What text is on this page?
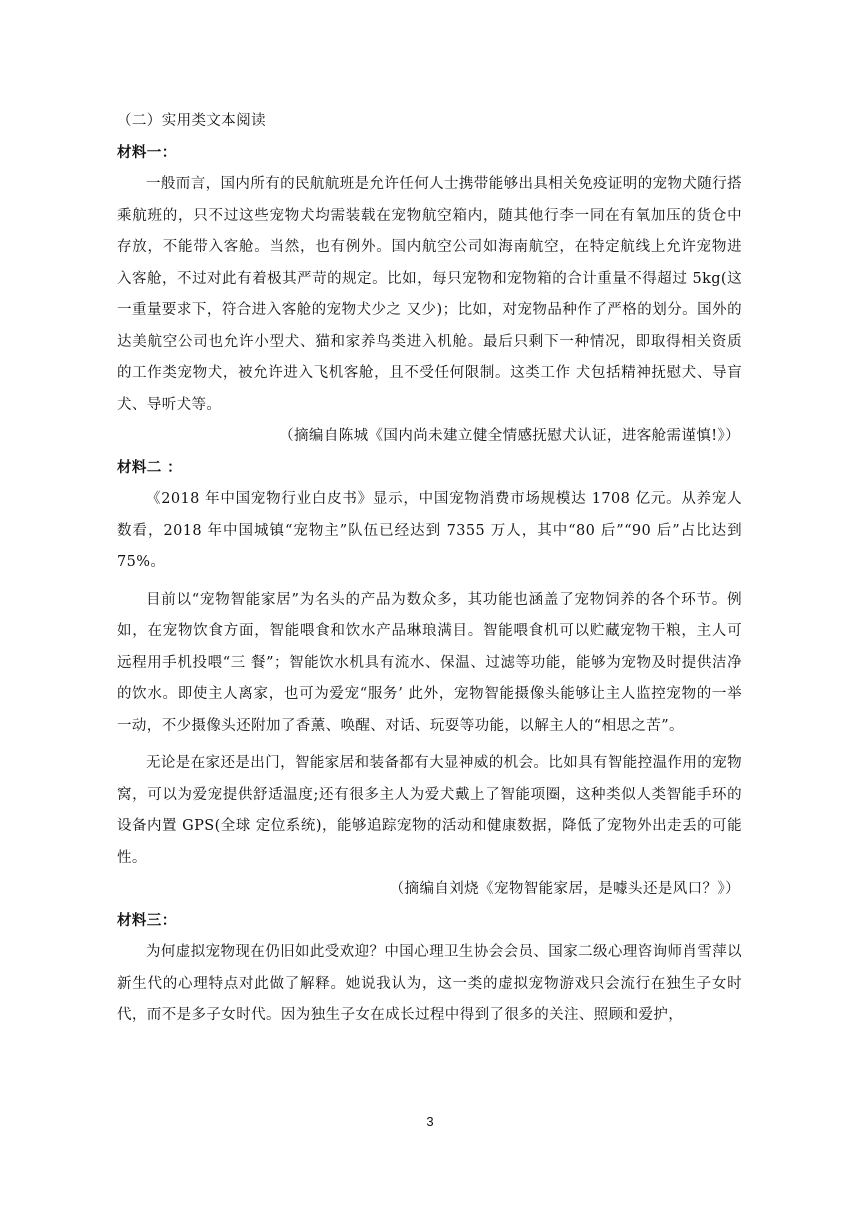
（二）实用类文本阅读

材料一：

一般而言，国内所有的民航航班是允许任何人士携带能够出具相关免疫证明的宠物犬随行搭乘航班的，只不过这些宠物犬均需装载在宠物航空箱内，随其他行李一同在有氧加压的货仓中存放，不能带入客舱。当然，也有例外。国内航空公司如海南航空，在特定航线上允许宠物进入客舱，不过对此有着极其严苛的规定。比如，每只宠物和宠物箱的合计重量不得超过 5kg(这一重量要求下，符合进入客舱的宠物犬少之 又少)；比如，对宠物品种作了严格的划分。国外的达美航空公司也允许小型犬、猫和家养鸟类进入机舱。最后只剩下一种情况，即取得相关资质的工作类宠物犬，被允许进入飞机客舱，且不受任何限制。这类工作 犬包括精神抚慰犬、导盲犬、导听犬等。

（摘编自陈城《国内尚未建立健全情感抚慰犬认证，进客舱需谨慎!》）

材料二 ：

《2018 年中国宠物行业白皮书》显示，中国宠物消费市场规模达 1708 亿元。从养宠人数看，2018 年中国城镇“宠物主”队伍已经达到 7355 万人，其中“80 后”“90 后”占比达到 75%。

目前以“宠物智能家居”为名头的产品为数众多，其功能也涵盖了宠物饲养的各个环节。例如，在宠物饮食方面，智能喂食和饮水产品琳琅满目。智能喂食机可以贮藏宠物干粮，主人可远程用手机投喂“三 餐”；智能饮水机具有流水、保温、过滤等功能，能够为宠物及时提供洁净的饮水。即使主人离家，也可为爱宠“服务’ 此外，宠物智能摄像头能够让主人监控宠物的一举一动，不少摄像头还附加了香薰、唤醒、对话、玩耍等功能，以解主人的“相思之苦”。

无论是在家还是出门，智能家居和装备都有大显神威的机会。比如具有智能控温作用的宠物窝，可以为爱宠提供舒适温度;还有很多主人为爱犬戴上了智能项圈，这种类似人类智能手环的设备内置 GPS(全球 定位系统)，能够追踪宠物的活动和健康数据，降低了宠物外出走丢的可能性。

（摘编自刘烧《宠物智能家居，是噱头还是风口？》）

材料三：

为何虚拟宠物现在仍旧如此受欢迎？中国心理卫生协会会员、国家二级心理咨询师肖雪萍以新生代的心理特点对此做了解释。她说我认为，这一类的虚拟宠物游戏只会流行在独生子女时代，而不是多子女时代。因为独生子女在成长过程中得到了很多的关注、照顾和爱护，

3
